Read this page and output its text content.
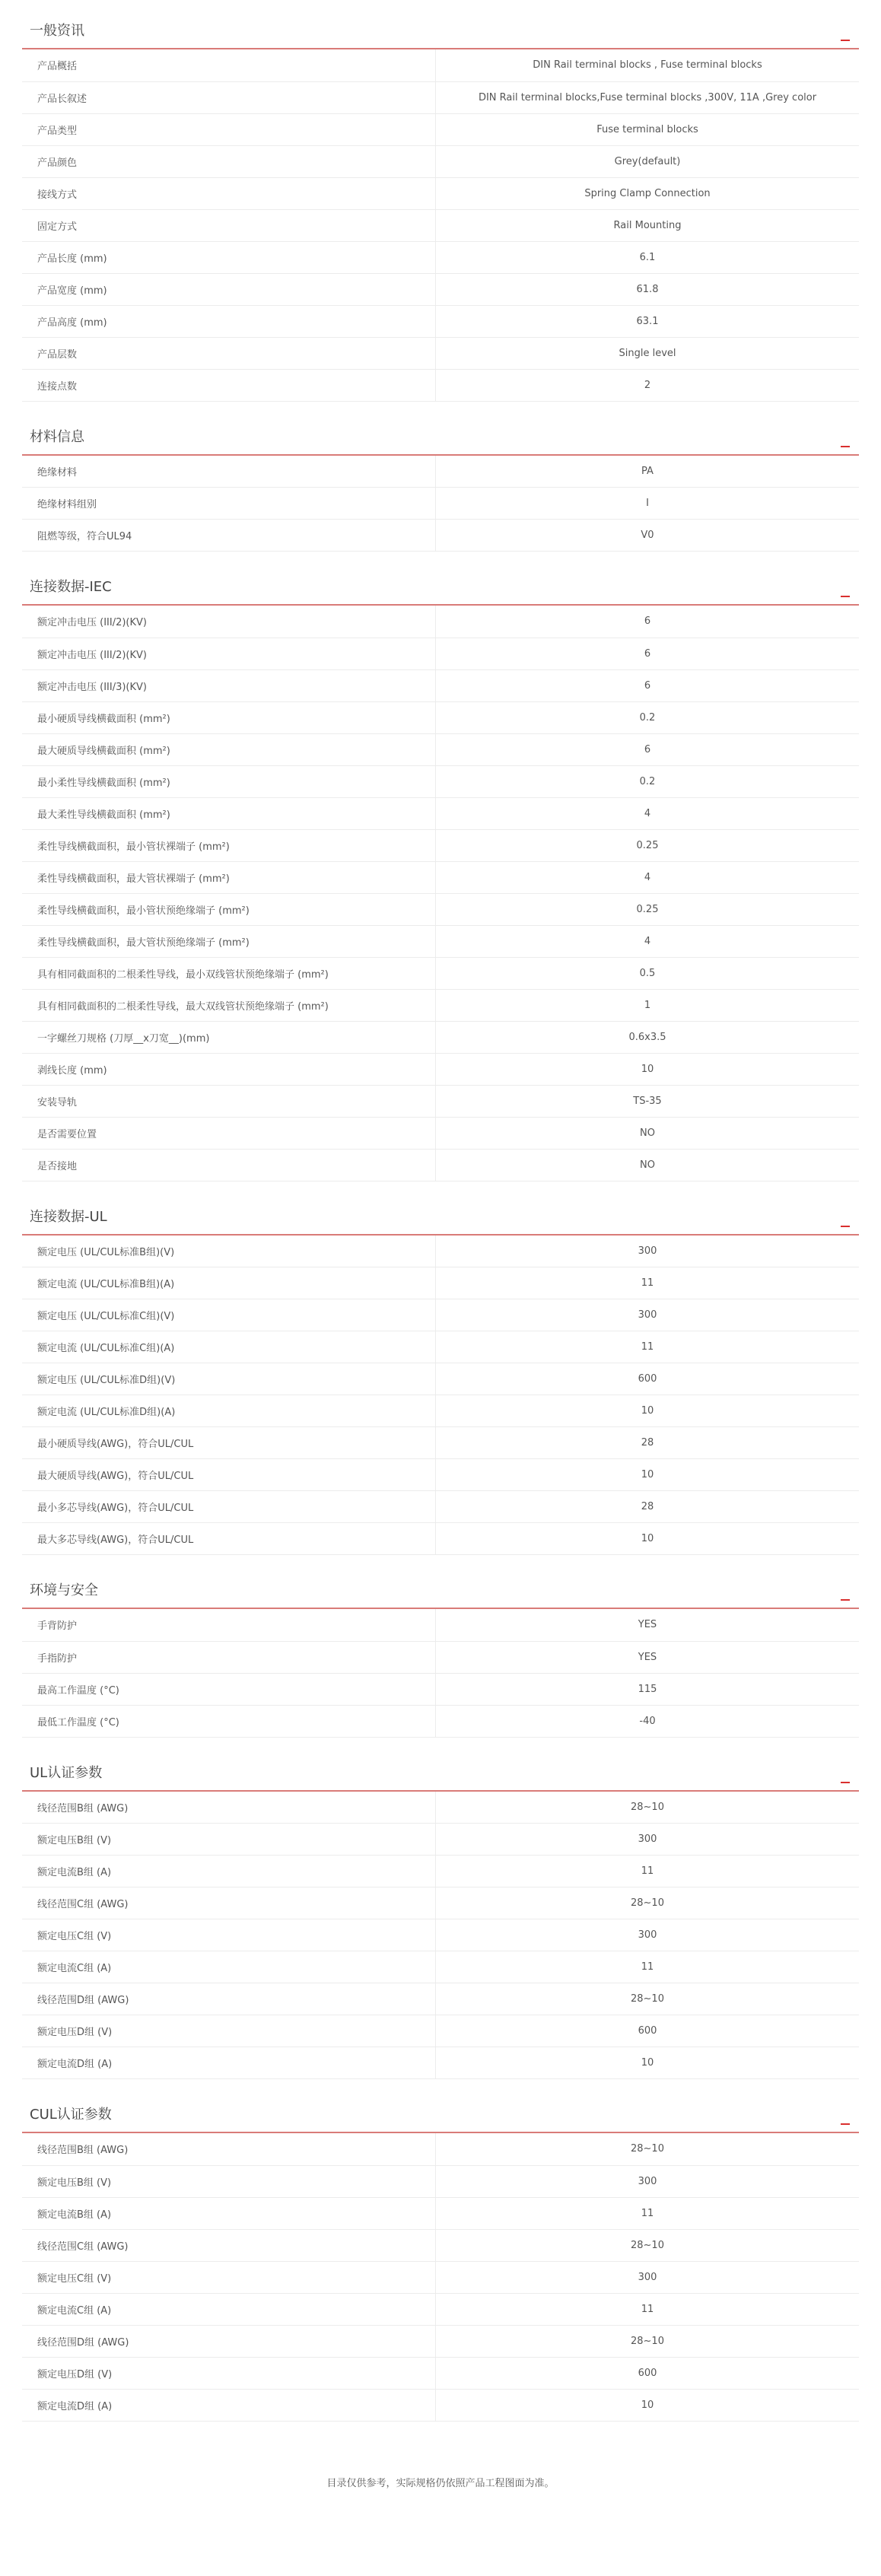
一般资讯
产品概括	DIN Rail terminal blocks , Fuse terminal blocks
产品长叙述	DIN Rail terminal blocks,Fuse terminal blocks ,300V, 11A ,Grey color
产品类型	Fuse terminal blocks
产品颜色	Grey(default)
接线方式	Spring Clamp Connection
固定方式	Rail Mounting
产品长度 (mm)	6.1
产品宽度 (mm)	61.8
产品高度 (mm)	63.1
产品层数	Single level
连接点数	2
材料信息
绝缘材料	PA
绝缘材料组别	I
阻燃等级，符合UL94	V0
连接数据-IEC
额定冲击电压 (III/2)(KV)	6
额定冲击电压 (III/2)(KV)	6
额定冲击电压 (III/3)(KV)	6
最小硬质导线横截面积 (mm²)	0.2
最大硬质导线横截面积 (mm²)	6
最小柔性导线横截面积 (mm²)	0.2
最大柔性导线横截面积 (mm²)	4
柔性导线横截面积，最小管状裸端子 (mm²)	0.25
柔性导线横截面积，最大管状裸端子 (mm²)	4
柔性导线横截面积，最小管状预绝缘端子 (mm²)	0.25
柔性导线横截面积，最大管状预绝缘端子 (mm²)	4
具有相同截面积的二根柔性导线，最小双线管状预绝缘端子 (mm²)	0.5
具有相同截面积的二根柔性导线，最大双线管状预绝缘端子 (mm²)	1
一字螺丝刀规格 (刀厚__x刀宽__)(mm)	0.6x3.5
剥线长度 (mm)	10
安装导轨	TS-35
是否需要位置	NO
是否接地	NO
连接数据-UL
额定电压 (UL/CUL标准B组)(V)	300
额定电流 (UL/CUL标准B组)(A)	11
额定电压 (UL/CUL标准C组)(V)	300
额定电流 (UL/CUL标准C组)(A)	11
额定电压 (UL/CUL标准D组)(V)	600
额定电流 (UL/CUL标准D组)(A)	10
最小硬质导线(AWG)，符合UL/CUL	28
最大硬质导线(AWG)，符合UL/CUL	10
最小多芯导线(AWG)，符合UL/CUL	28
最大多芯导线(AWG)，符合UL/CUL	10
环境与安全
手背防护	YES
手指防护	YES
最高工作温度 (°C)	115
最低工作温度 (°C)	-40
UL认证参数
线径范围B组 (AWG)	28~10
额定电压B组 (V)	300
额定电流B组 (A)	11
线径范围C组 (AWG)	28~10
额定电压C组 (V)	300
额定电流C组 (A)	11
线径范围D组 (AWG)	28~10
额定电压D组 (V)	600
额定电流D组 (A)	10
CUL认证参数
线径范围B组 (AWG)	28~10
额定电压B组 (V)	300
额定电流B组 (A)	11
线径范围C组 (AWG)	28~10
额定电压C组 (V)	300
额定电流C组 (A)	11
线径范围D组 (AWG)	28~10
额定电压D组 (V)	600
额定电流D组 (A)	10
目录仅供参考，实际规格仍依照产品工程图面为准。
